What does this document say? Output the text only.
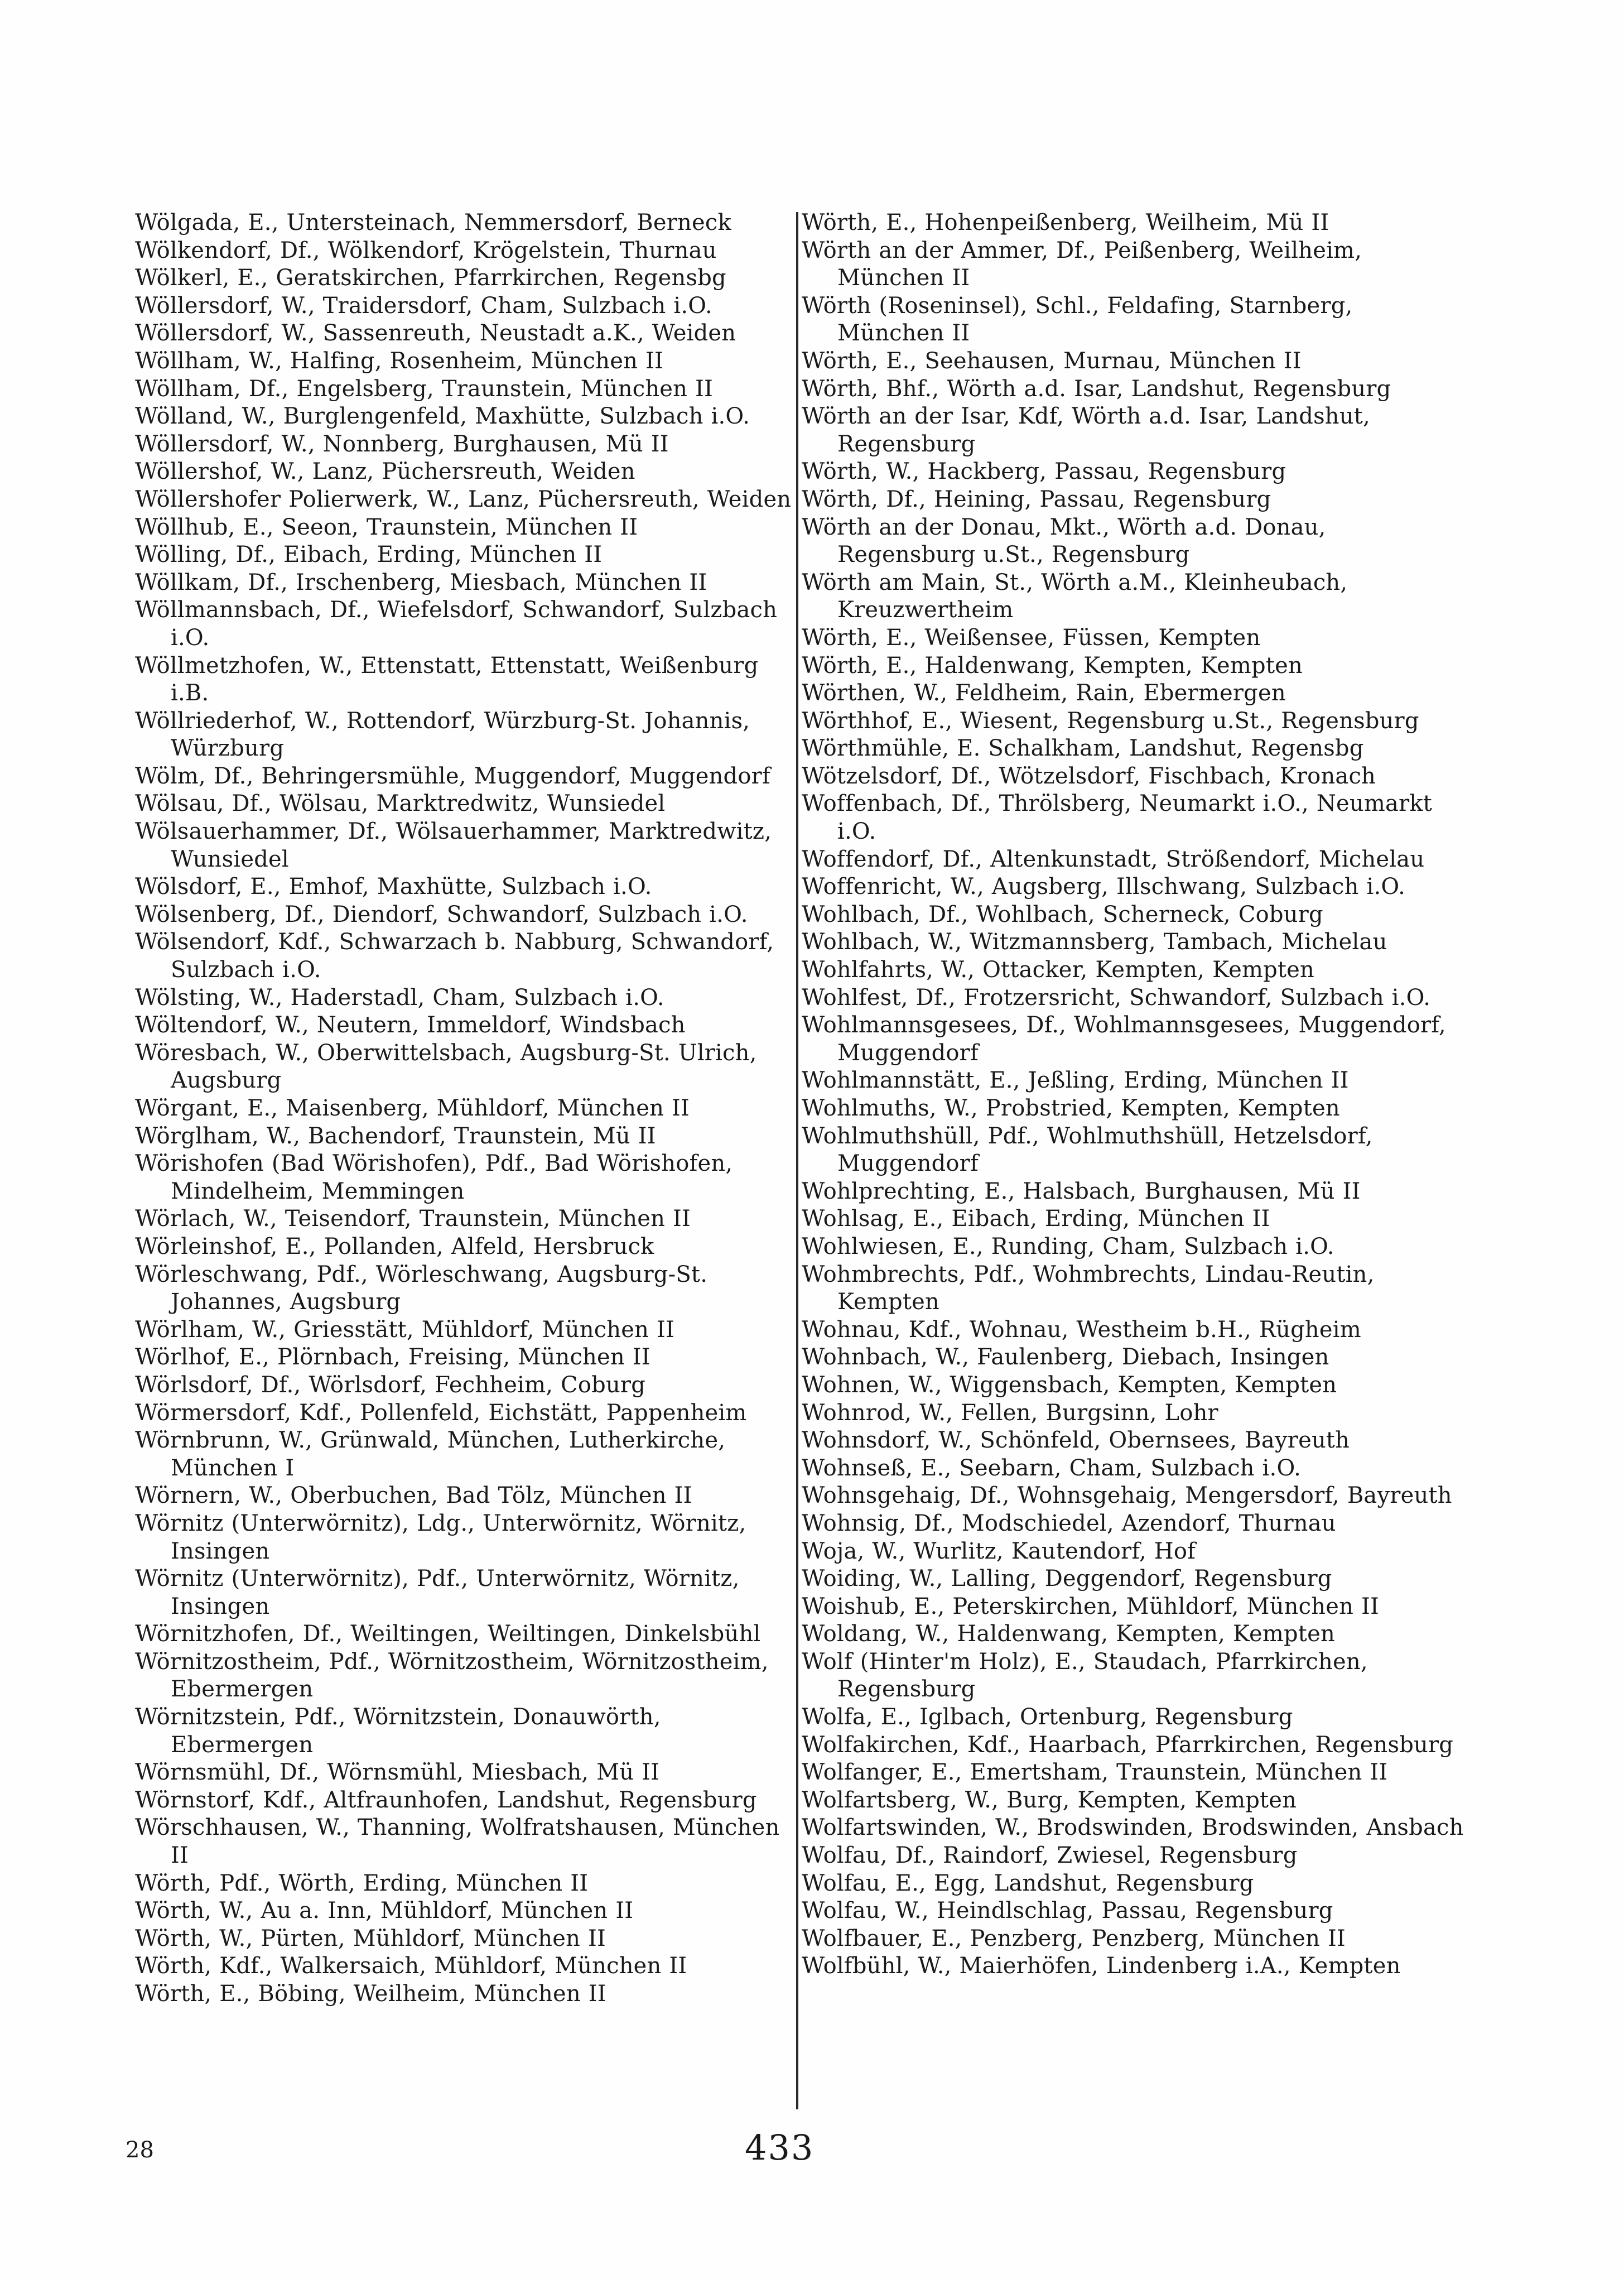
Wölgada, E., Untersteinach, Nemmersdorf, Berneck

Wölkendorf, Df., Wölkendorf, Krögelstein, Thurnau

Wölkerl, E., Geratskirchen, Pfarrkirchen, Regensbg

Wöllersdorf, W., Traidersdorf, Cham, Sulzbach i.O.

Wöllersdorf, W., Sassenreuth, Neustadt a.K., Weiden

Wöllham, W., Halfing, Rosenheim, München II

Wöllham, Df., Engelsberg, Traunstein, München II

Wölland, W., Burglengenfeld, Maxhütte, Sulzbach i.O.

Wöllersdorf, W., Nonnberg, Burghausen, Mü II

Wöllershof, W., Lanz, Püchersreuth, Weiden

Wöllershofer Polierwerk, W., Lanz, Püchersreuth, Weiden

Wöllhub, E., Seeon, Traunstein, München II

Wölling, Df., Eibach, Erding, München II

Wöllkam, Df., Irschenberg, Miesbach, München II

Wöllmannsbach, Df., Wiefelsdorf, Schwandorf, Sulzbach i.O.

Wöllmetzhofen, W., Ettenstatt, Ettenstatt, Weißenburg i.B.

Wöllriederhof, W., Rottendorf, Würzburg-St. Johannis, Würzburg

Wölm, Df., Behringersmühle, Muggendorf, Muggendorf

Wölsau, Df., Wölsau, Marktredwitz, Wunsiedel

Wölsauerhammer, Df., Wölsauerhammer, Marktredwitz, Wunsiedel

Wölsdorf, E., Emhof, Maxhütte, Sulzbach i.O.

Wölsenberg, Df., Diendorf, Schwandorf, Sulzbach i.O.

Wölsendorf, Kdf., Schwarzach b. Nabburg, Schwandorf, Sulzbach i.O.

Wölsting, W., Haderstadl, Cham, Sulzbach i.O.

Wöltendorf, W., Neutern, Immeldorf, Windsbach

Wöresbach, W., Oberwittelsbach, Augsburg-St. Ulrich, Augsburg

Wörgant, E., Maisenberg, Mühldorf, München II

Wörglham, W., Bachendorf, Traunstein, Mü II

Wörishofen (Bad Wörishofen), Pdf., Bad Wörishofen, Mindelheim, Memmingen

Wörlach, W., Teisendorf, Traunstein, München II

Wörleinshof, E., Pollanden, Alfeld, Hersbruck

Wörleschwang, Pdf., Wörleschwang, Augsburg-St. Johannes, Augsburg

Wörlham, W., Griesstätt, Mühldorf, München II

Wörlhof, E., Plörnbach, Freising, München II

Wörlsdorf, Df., Wörlsdorf, Fechheim, Coburg

Wörmersdorf, Kdf., Pollenfeld, Eichstätt, Pappenheim

Wörnbrunn, W., Grünwald, München, Lutherkirche, München I

Wörnern, W., Oberbuchen, Bad Tölz, München II

Wörnitz (Unterwörnitz), Ldg., Unterwörnitz, Wörnitz, Insingen

Wörnitz (Unterwörnitz), Pdf., Unterwörnitz, Wörnitz, Insingen

Wörnitzhofen, Df., Weiltingen, Weiltingen, Dinkelsbühl

Wörnitzostheim, Pdf., Wörnitzostheim, Wörnitzostheim, Ebermergen

Wörnitzstein, Pdf., Wörnitzstein, Donauwörth, Ebermergen

Wörnsmühl, Df., Wörnsmühl, Miesbach, Mü II

Wörnstorf, Kdf., Altfraunhofen, Landshut, Regensburg

Wörschhausen, W., Thanning, Wolfratshausen, München II

Wörth, Pdf., Wörth, Erding, München II

Wörth, W., Au a. Inn, Mühldorf, München II

Wörth, W., Pürten, Mühldorf, München II

Wörth, Kdf., Walkersaich, Mühldorf, München II

Wörth, E., Böbing, Weilheim, München II

Wörth, E., Hohenpeißenberg, Weilheim, Mü II

Wörth an der Ammer, Df., Peißenberg, Weilheim, München II

Wörth (Roseninsel), Schl., Feldafing, Starnberg, München II

Wörth, E., Seehausen, Murnau, München II

Wörth, Bhf., Wörth a.d. Isar, Landshut, Regensburg

Wörth an der Isar, Kdf, Wörth a.d. Isar, Landshut, Regensburg

Wörth, W., Hackberg, Passau, Regensburg

Wörth, Df., Heining, Passau, Regensburg

Wörth an der Donau, Mkt., Wörth a.d. Donau, Regensburg u.St., Regensburg

Wörth am Main, St., Wörth a.M., Kleinheubach, Kreuzwertheim

Wörth, E., Weißensee, Füssen, Kempten

Wörth, E., Haldenwang, Kempten, Kempten

Wörthen, W., Feldheim, Rain, Ebermergen

Wörthhof, E., Wiesent, Regensburg u.St., Regensburg

Wörthmühle, E. Schalkham, Landshut, Regensbg

Wötzelsdorf, Df., Wötzelsdorf, Fischbach, Kronach

Woffenbach, Df., Thrölsberg, Neumarkt i.O., Neumarkt i.O.

Woffendorf, Df., Altenkunstadt, Strößendorf, Michelau

Woffenricht, W., Augsberg, Illschwang, Sulzbach i.O.

Wohlbach, Df., Wohlbach, Scherneck, Coburg

Wohlbach, W., Witzmannsberg, Tambach, Michelau

Wohlfahrts, W., Ottacker, Kempten, Kempten

Wohlfest, Df., Frotzersricht, Schwandorf, Sulzbach i.O.

Wohlmannsgesees, Df., Wohlmannsgesees, Muggendorf, Muggendorf

Wohlmannstätt, E., Jeßling, Erding, München II

Wohlmuths, W., Probstried, Kempten, Kempten

Wohlmuthshüll, Pdf., Wohlmuthshüll, Hetzelsdorf, Muggendorf

Wohlprechting, E., Halsbach, Burghausen, Mü II

Wohlsag, E., Eibach, Erding, München II

Wohlwiesen, E., Runding, Cham, Sulzbach i.O.

Wohmbrechts, Pdf., Wohmbrechts, Lindau-Reutin, Kempten

Wohnau, Kdf., Wohnau, Westheim b.H., Rügheim

Wohnbach, W., Faulenberg, Diebach, Insingen

Wohnen, W., Wiggensbach, Kempten, Kempten

Wohnrod, W., Fellen, Burgsinn, Lohr

Wohnsdorf, W., Schönfeld, Obernsees, Bayreuth

Wohnseß, E., Seebarn, Cham, Sulzbach i.O.

Wohnsgehaig, Df., Wohnsgehaig, Mengersdorf, Bayreuth

Wohnsig, Df., Modschiedel, Azendorf, Thurnau

Woja, W., Wurlitz, Kautendorf, Hof

Woiding, W., Lalling, Deggendorf, Regensburg

Woishub, E., Peterskirchen, Mühldorf, München II

Woldang, W., Haldenwang, Kempten, Kempten

Wolf (Hinter'm Holz), E., Staudach, Pfarrkirchen, Regensburg

Wolfa, E., Iglbach, Ortenburg, Regensburg

Wolfakirchen, Kdf., Haarbach, Pfarrkirchen, Regensburg

Wolfanger, E., Emertsham, Traunstein, München II

Wolfartsberg, W., Burg, Kempten, Kempten

Wolfartswinden, W., Brodswinden, Brodswinden, Ansbach

Wolfau, Df., Raindorf, Zwiesel, Regensburg

Wolfau, E., Egg, Landshut, Regensburg

Wolfau, W., Heindlschlag, Passau, Regensburg

Wolfbauer, E., Penzberg, Penzberg, München II

Wolfbühl, W., Maierhöfen, Lindenberg i.A., Kempten

28	433
